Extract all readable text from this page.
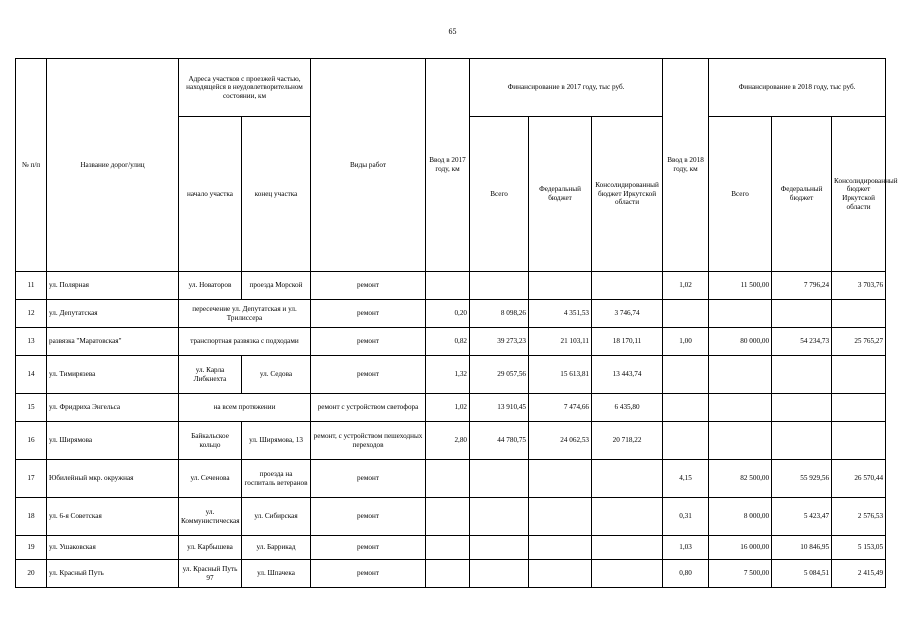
65
№ п/п	Название дорог/улиц	Адреса участков с проезжей частью, находящейся в неудовлетворительном состоянии, км		Виды работ	Ввод в 2017 году, км	Финансирование в 2017 году, тыс руб.			Ввод в 2018 году, км	Финансирование в 2018 году, тыс руб.		
		начало участка	конец участка			Всего	Федеральный бюджет	Консолидированный бюджет Иркутской области		Всего	Федеральный бюджет	Консолидированный бюджет Иркутской области
11	ул. Полярная	ул. Новаторов	проезда Морской	ремонт					1,02	11 500,00	7 796,24	3 703,76
12	ул. Депутатская	пересечение ул. Депутатская и ул. Трилиссера		ремонт	0,20	8 098,26	4 351,53	3 746,74				
13	развязка "Маратовская"	транспортная развязка с подходами		ремонт	0,82	39 273,23	21 103,11	18 170,11	1,00	80 000,00	54 234,73	25 765,27
14	ул. Тимирязева	ул. Карла Либкнехта	ул. Седова	ремонт	1,32	29 057,56	15 613,81	13 443,74				
15	ул. Фридриха Энгельса	на всем протяжении		ремонт с устройством светофора	1,02	13 910,45	7 474,66	6 435,80				
16	ул. Ширямова	Байкальское кольцо	ул. Ширямова, 13	ремонт, с устройством пешеходных переходов	2,80	44 780,75	24 062,53	20 718,22				
17	Юбилейный мкр. окружная	ул. Сеченова	проезда на госпиталь ветеранов	ремонт					4,15	82 500,00	55 929,56	26 570,44
18	ул. 6-я Советская	ул. Коммунистическая	ул. Сибирская	ремонт					0,31	8 000,00	5 423,47	2 576,53
19	ул. Ушаковская	ул. Карбышева	ул. Баррикад	ремонт					1,03	16 000,00	10 846,95	5 153,05
20	ул. Красный Путь	ул. Красный Путь 97	ул. Шпачека	ремонт					0,80	7 500,00	5 084,51	2 415,49
